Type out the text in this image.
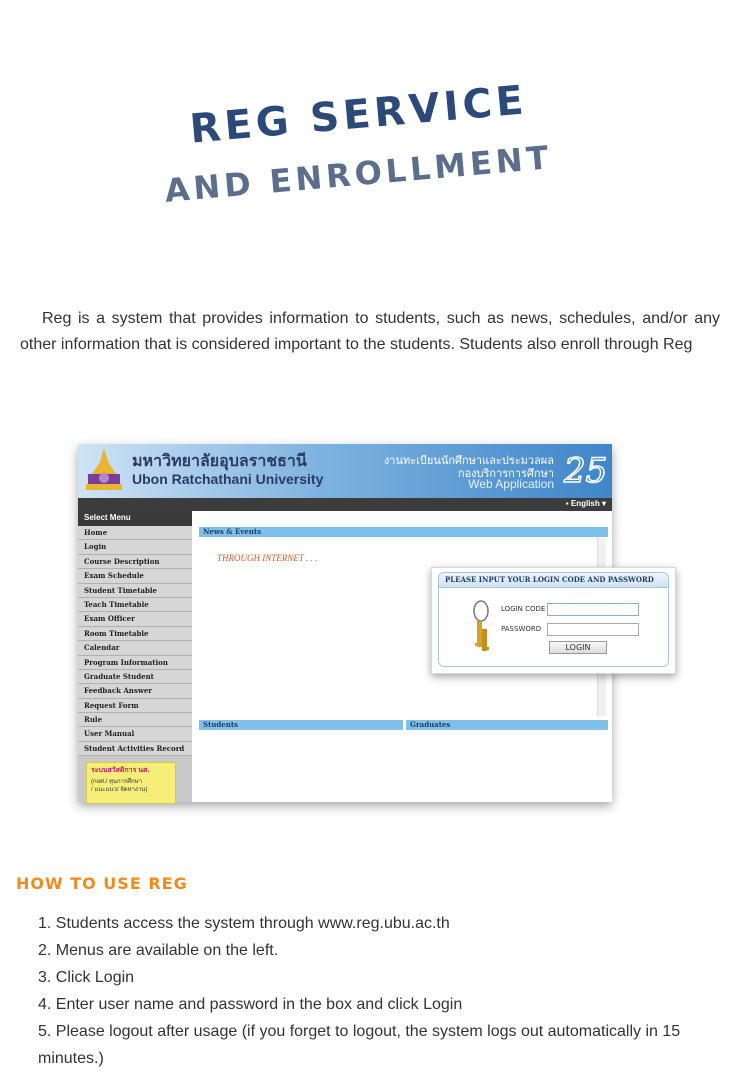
REG SERVICE
AND ENROLLMENT

Reg is a system that provides information to students, such as news, schedules, and/or any other information that is considered important to the students. Students also enroll through Reg

มหาวิทยาลัยอุบลราชธานี
Ubon Ratchathani University
งานทะเบียนนักศึกษาและประมวลผล
กองบริการการศึกษา
Web Application 25
▪ English ▾
Select Menu
Home
Login
Course Description
Exam Schedule
Student Timetable
Teach Timetable
Exam Officer
Room Timetable
Calendar
Program Information
Graduate Student
Feedback Answer
Request Form
Rule
User Manual
Student Activities Record
ระบบสวัสดิการ นศ.
(กยศ./ ทุนการศึกษา
/ แนะแนว/ จัดหางาน)
News & Events
THROUGH INTERNET . . .
Students	Graduates
PLEASE INPUT YOUR LOGIN CODE AND PASSWORD
LOGIN CODE
PASSWORD
LOGIN
HOW TO USE REG
1. Students access the system through www.reg.ubu.ac.th
2. Menus are available on the left.
3. Click Login
4. Enter user name and password in the box and click Login
5. Please logout after usage (if you forget to logout, the system logs out automatically in 15 minutes.)
